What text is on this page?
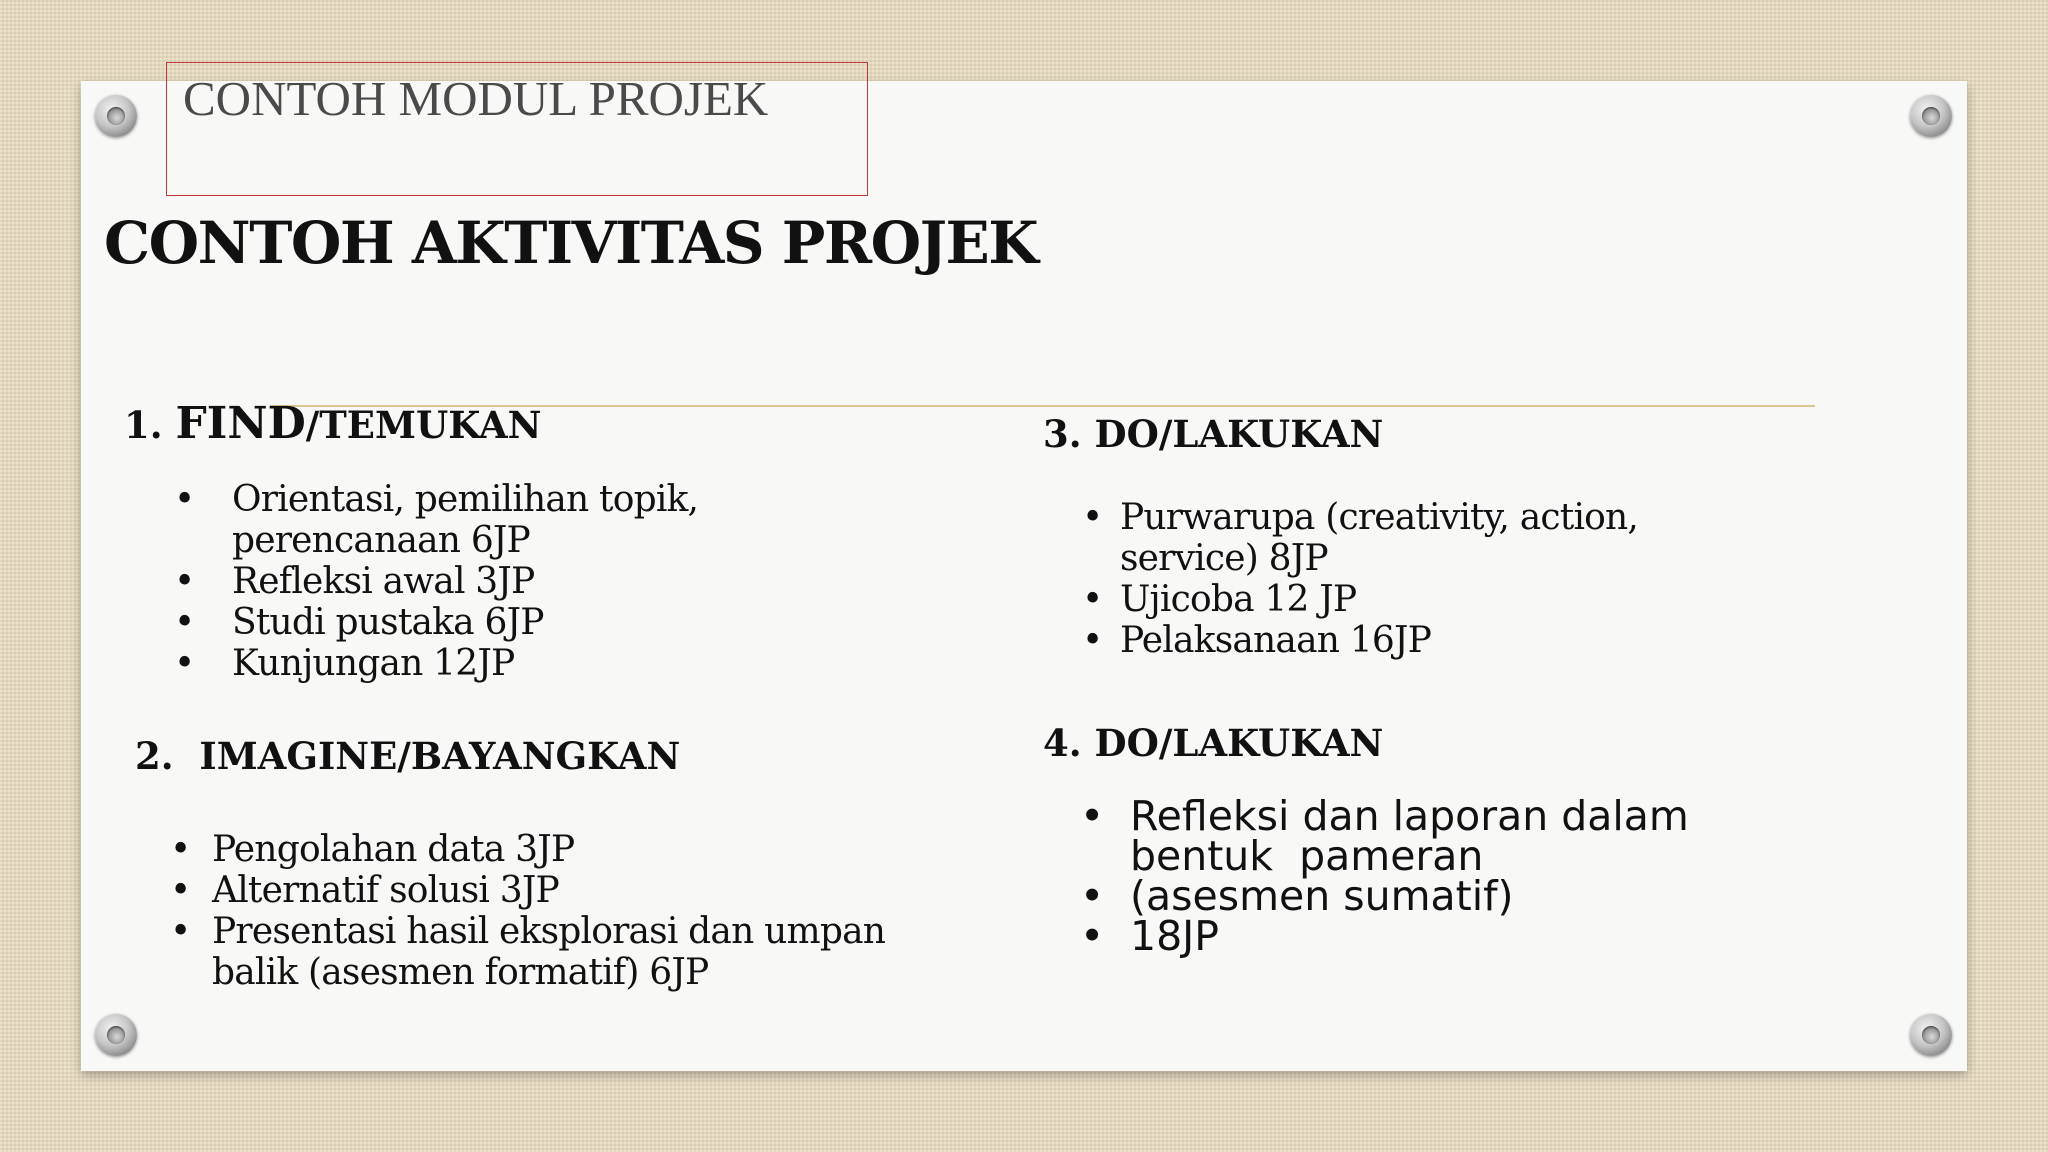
CONTOH MODUL PROJEK
CONTOH AKTIVITAS PROJEK
1. FIND/TEMUKAN
• Orientasi, pemilihan topik,
perencanaan 6JP
• Refleksi awal 3JP
• Studi pustaka 6JP
• Kunjungan 12JP
2. IMAGINE/BAYANGKAN
• Pengolahan data 3JP
• Alternatif solusi 3JP
• Presentasi hasil eksplorasi dan umpan
balik (asesmen formatif) 6JP
3. DO/LAKUKAN
• Purwarupa (creativity, action,
service) 8JP
• Ujicoba 12 JP
• Pelaksanaan 16JP
4. DO/LAKUKAN
• Refleksi dan laporan dalam
bentuk  pameran
• (asesmen sumatif)
• 18JP
